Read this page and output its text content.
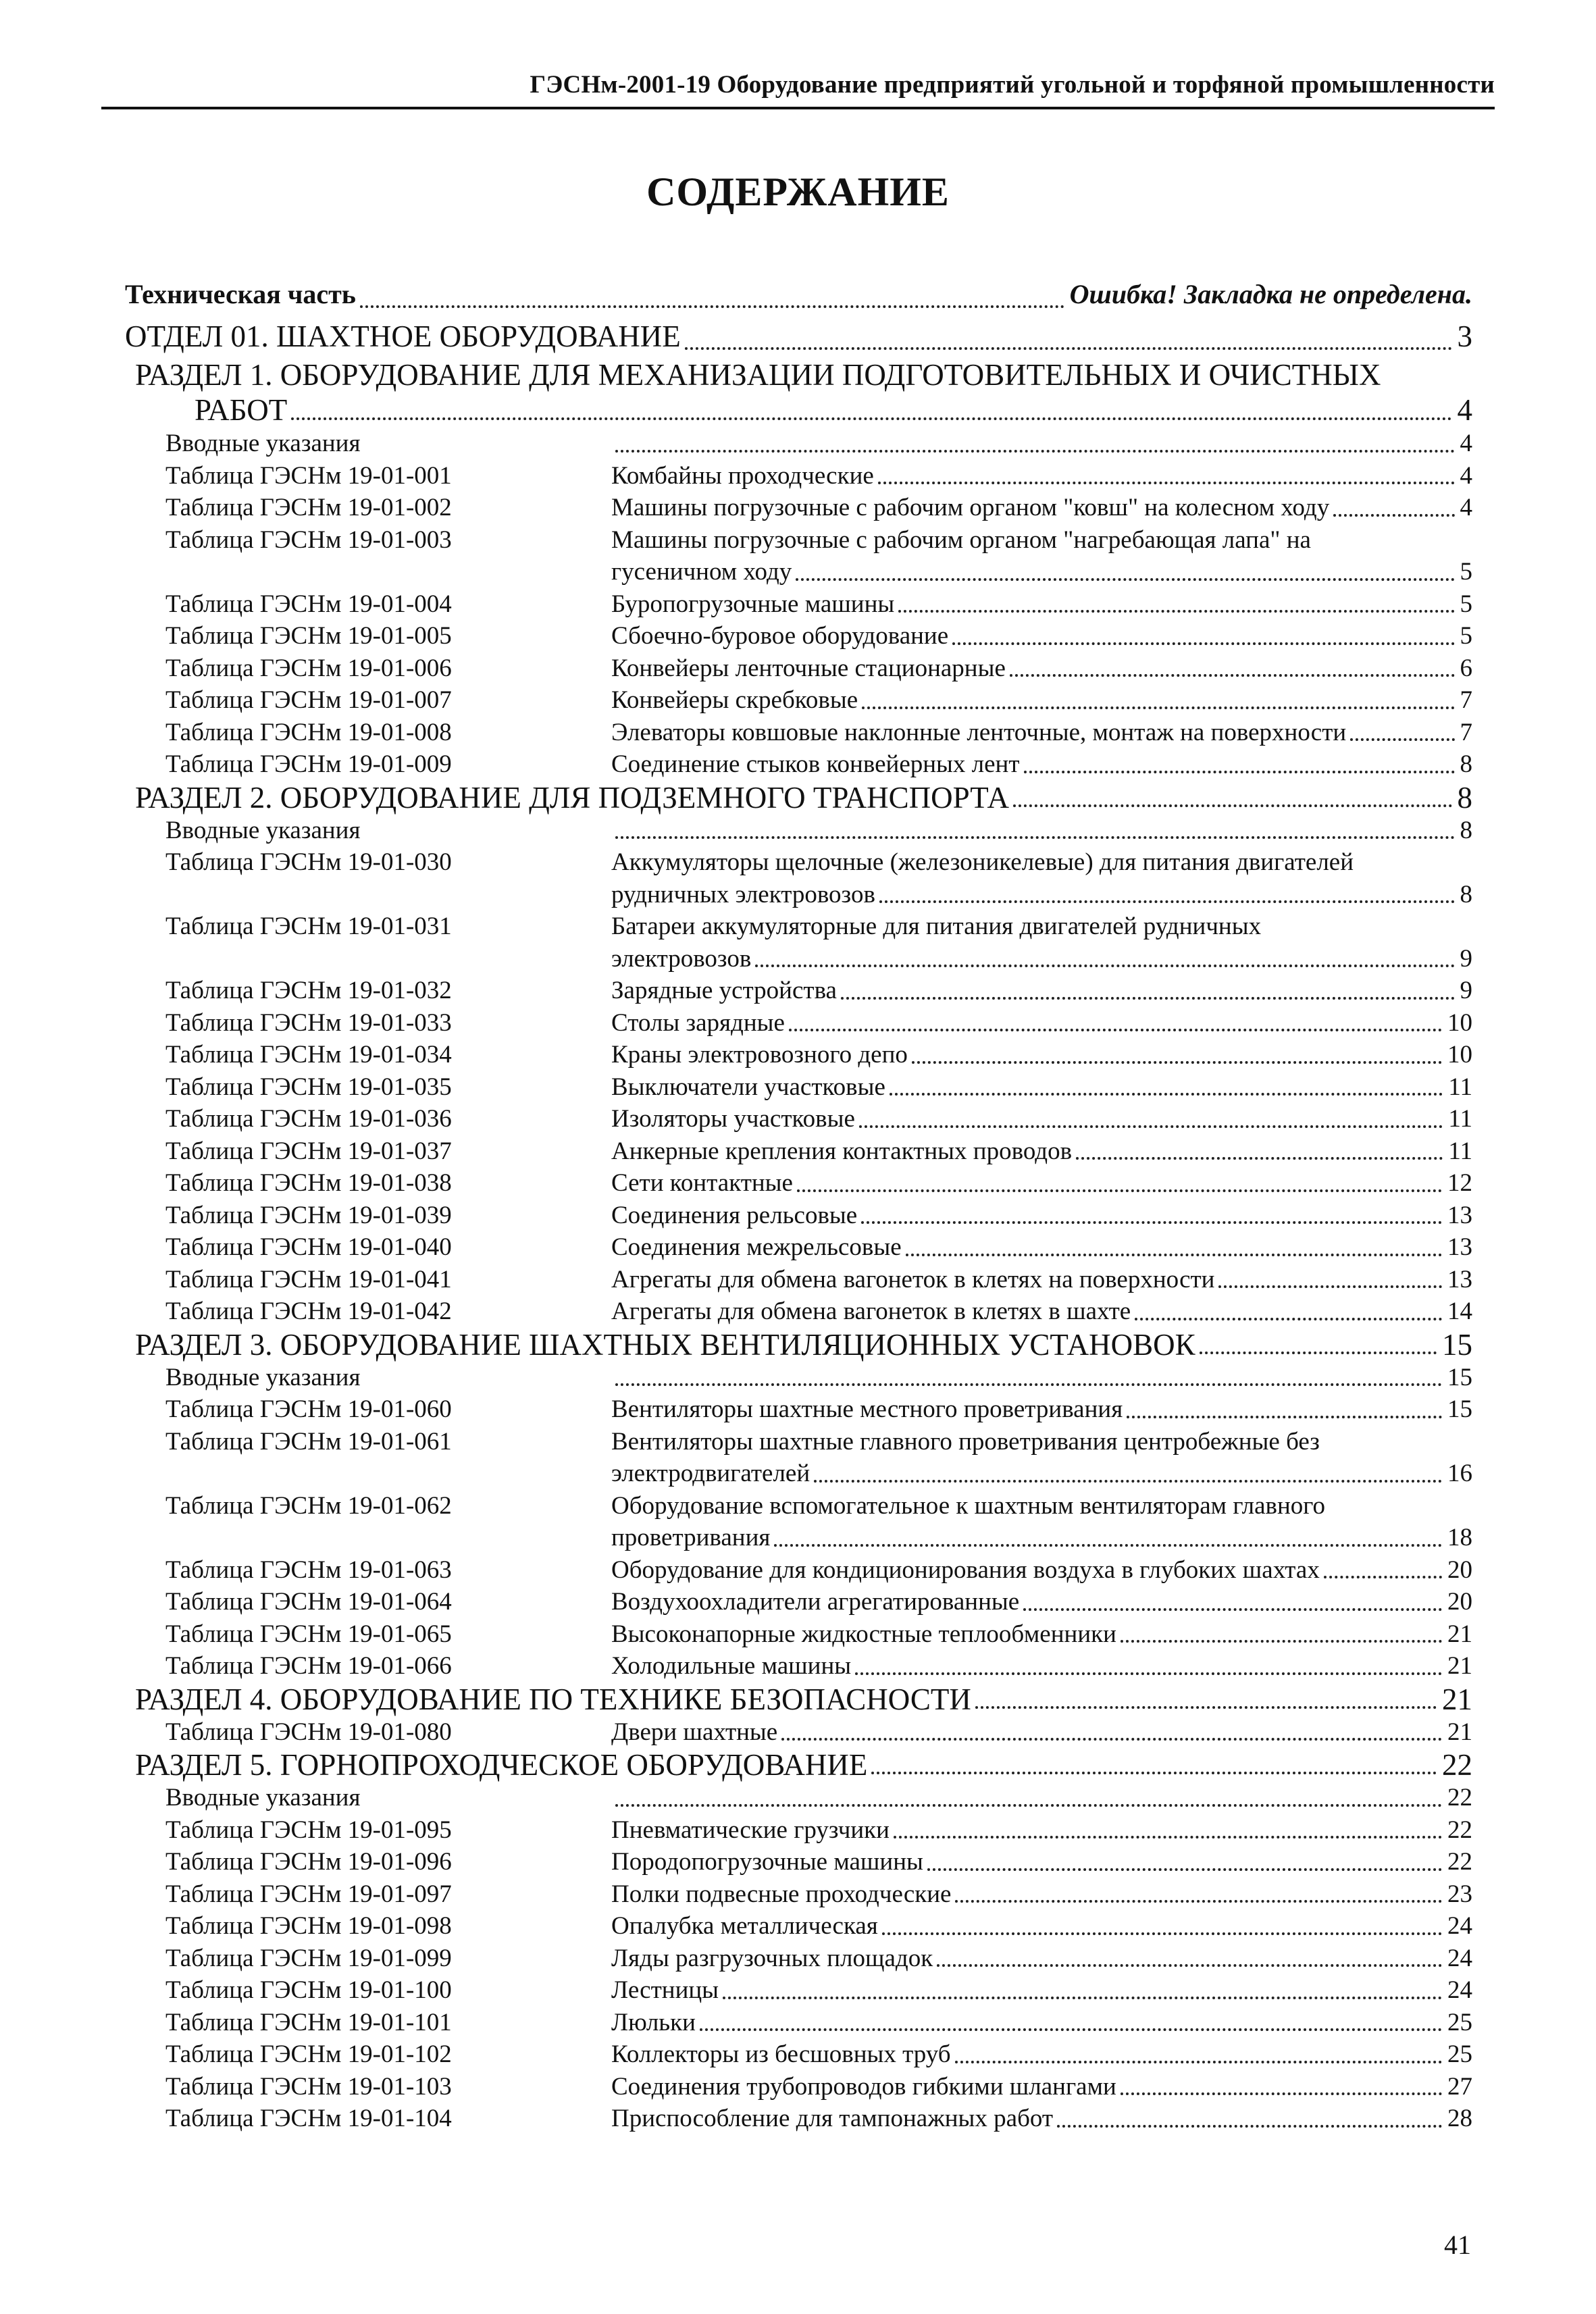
ГЭСНм-2001-19 Оборудование предприятий угольной и торфяной промышленности
СОДЕРЖАНИЕ
Техническая часть	Ошибка! Закладка не определена.
ОТДЕЛ 01. ШАХТНОЕ ОБОРУДОВАНИЕ	3
РАЗДЕЛ 1. ОБОРУДОВАНИЕ ДЛЯ МЕХАНИЗАЦИИ ПОДГОТОВИТЕЛЬНЫХ И ОЧИСТНЫХ
РАБОТ	4
Вводные указания	4
Таблица ГЭСНм 19-01-001	Комбайны проходческие	4
Таблица ГЭСНм 19-01-002	Машины погрузочные с рабочим органом "ковш" на колесном ходу	4
Таблица ГЭСНм 19-01-003	Машины погрузочные с рабочим органом "нагребающая лапа" на
гусеничном ходу	5
Таблица ГЭСНм 19-01-004	Буропогрузочные машины	5
Таблица ГЭСНм 19-01-005	Сбоечно-буровое оборудование	5
Таблица ГЭСНм 19-01-006	Конвейеры ленточные стационарные	6
Таблица ГЭСНм 19-01-007	Конвейеры скребковые	7
Таблица ГЭСНм 19-01-008	Элеваторы ковшовые наклонные ленточные, монтаж на поверхности	7
Таблица ГЭСНм 19-01-009	Соединение стыков конвейерных лент	8
РАЗДЕЛ 2. ОБОРУДОВАНИЕ ДЛЯ ПОДЗЕМНОГО ТРАНСПОРТА	8
Вводные указания	8
Таблица ГЭСНм 19-01-030	Аккумуляторы щелочные (железоникелевые) для питания двигателей
рудничных электровозов	8
Таблица ГЭСНм 19-01-031	Батареи аккумуляторные для питания двигателей рудничных
электровозов	9
Таблица ГЭСНм 19-01-032	Зарядные устройства	9
Таблица ГЭСНм 19-01-033	Столы зарядные	10
Таблица ГЭСНм 19-01-034	Краны электровозного депо	10
Таблица ГЭСНм 19-01-035	Выключатели участковые	11
Таблица ГЭСНм 19-01-036	Изоляторы участковые	11
Таблица ГЭСНм 19-01-037	Анкерные крепления контактных проводов	11
Таблица ГЭСНм 19-01-038	Сети контактные	12
Таблица ГЭСНм 19-01-039	Соединения рельсовые	13
Таблица ГЭСНм 19-01-040	Соединения межрельсовые	13
Таблица ГЭСНм 19-01-041	Агрегаты для обмена вагонеток в клетях на поверхности	13
Таблица ГЭСНм 19-01-042	Агрегаты для обмена вагонеток в клетях в шахте	14
РАЗДЕЛ 3. ОБОРУДОВАНИЕ ШАХТНЫХ ВЕНТИЛЯЦИОННЫХ УСТАНОВОК	15
Вводные указания	15
Таблица ГЭСНм 19-01-060	Вентиляторы шахтные местного проветривания	15
Таблица ГЭСНм 19-01-061	Вентиляторы шахтные главного проветривания центробежные без
электродвигателей	16
Таблица ГЭСНм 19-01-062	Оборудование вспомогательное к шахтным вентиляторам главного
проветривания	18
Таблица ГЭСНм 19-01-063	Оборудование для кондиционирования воздуха в глубоких шахтах	20
Таблица ГЭСНм 19-01-064	Воздухоохладители агрегатированные	20
Таблица ГЭСНм 19-01-065	Высоконапорные жидкостные теплообменники	21
Таблица ГЭСНм 19-01-066	Холодильные машины	21
РАЗДЕЛ 4. ОБОРУДОВАНИЕ ПО ТЕХНИКЕ БЕЗОПАСНОСТИ	21
Таблица ГЭСНм 19-01-080	Двери шахтные	21
РАЗДЕЛ 5. ГОРНОПРОХОДЧЕСКОЕ ОБОРУДОВАНИЕ	22
Вводные указания	22
Таблица ГЭСНм 19-01-095	Пневматические грузчики	22
Таблица ГЭСНм 19-01-096	Породопогрузочные машины	22
Таблица ГЭСНм 19-01-097	Полки подвесные проходческие	23
Таблица ГЭСНм 19-01-098	Опалубка металлическая	24
Таблица ГЭСНм 19-01-099	Ляды разгрузочных площадок	24
Таблица ГЭСНм 19-01-100	Лестницы	24
Таблица ГЭСНм 19-01-101	Люльки	25
Таблица ГЭСНм 19-01-102	Коллекторы из бесшовных труб	25
Таблица ГЭСНм 19-01-103	Соединения трубопроводов гибкими шлангами	27
Таблица ГЭСНм 19-01-104	Приспособление для тампонажных работ	28
41
